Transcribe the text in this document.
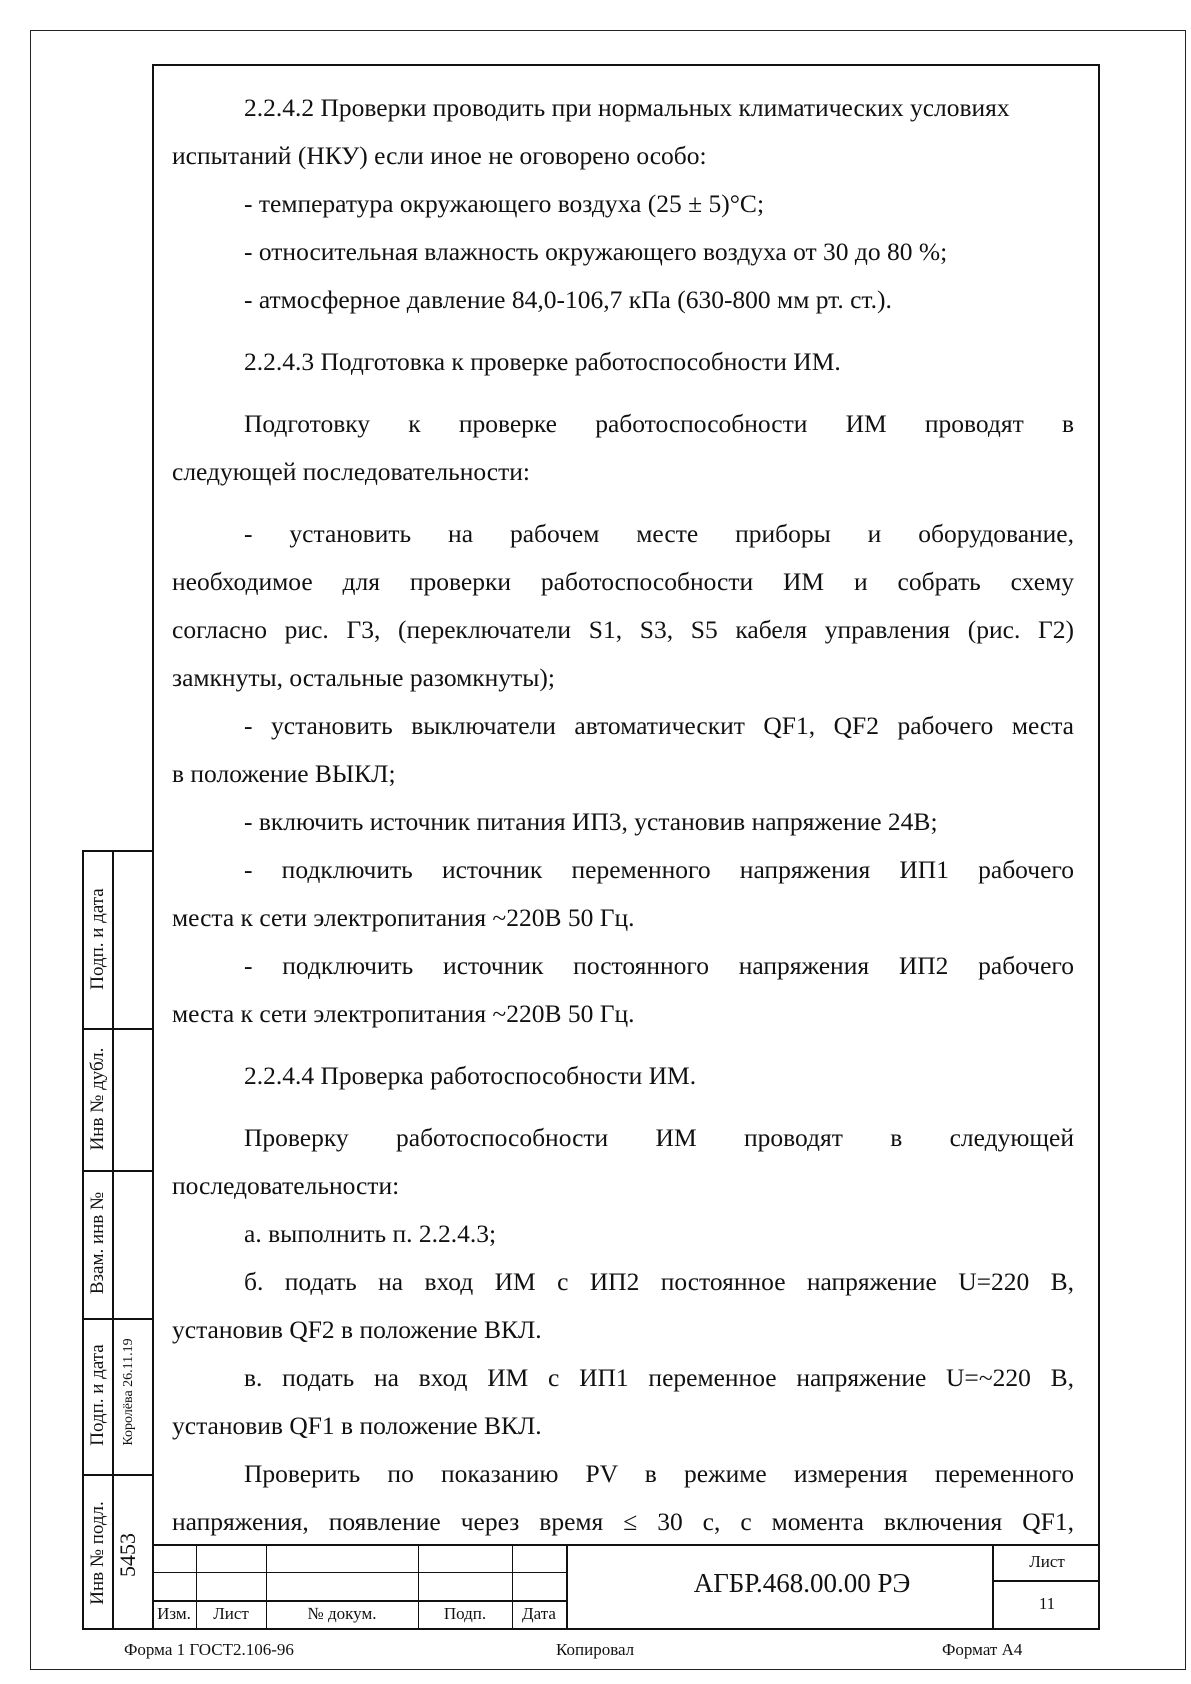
2.2.4.2 Проверки проводить при нормальных климатических условиях

испытаний (НКУ) если иное не оговорено особо:

- температура окружающего воздуха (25 ± 5)°С;

- относительная влажность окружающего воздуха от 30 до 80 %;

- атмосферное давление 84,0-106,7 кПа (630-800 мм рт. ст.).

2.2.4.3 Подготовка к проверке работоспособности ИМ.

Подготовку к проверке работоспособности ИМ проводят в

следующей последовательности:

- установить на рабочем месте приборы и оборудование,

необходимое для проверки работоспособности ИМ и собрать схему

согласно рис. Г3, (переключатели S1, S3, S5 кабеля управления (рис. Г2)

замкнуты, остальные разомкнуты);

- установить выключатели автоматическит QF1, QF2 рабочего места

в положение ВЫКЛ;

- включить источник питания ИП3, установив напряжение 24В;

- подключить источник переменного напряжения ИП1 рабочего

места к сети электропитания ~220В 50 Гц.

- подключить источник постоянного напряжения ИП2 рабочего

места к сети электропитания ~220В 50 Гц.

2.2.4.4 Проверка работоспособности ИМ.

Проверку работоспособности ИМ проводят в следующей

последовательности:

а. выполнить п. 2.2.4.3;

б. подать на вход ИМ с ИП2 постоянное напряжение U=220 В,

установив QF2 в положение ВКЛ.

в. подать на вход ИМ с ИП1 переменное напряжение U=~220 В,

установив QF1 в положение ВКЛ.

Проверить по показанию PV в режиме измерения переменного

напряжения, появление через время ≤ 30 с, с момента включения QF1,

Подп. и дата
Инв № дубл.
Взам. инв №
Подп. и дата Королёва 26.11.19
Инв № подл. 5453
Изм.	Лист	№ докум.	Подп.	Дата
АГБР.468.00.00 РЭ
Лист
11
Форма 1 ГОСТ2.106-96	Копировал	Формат А4
